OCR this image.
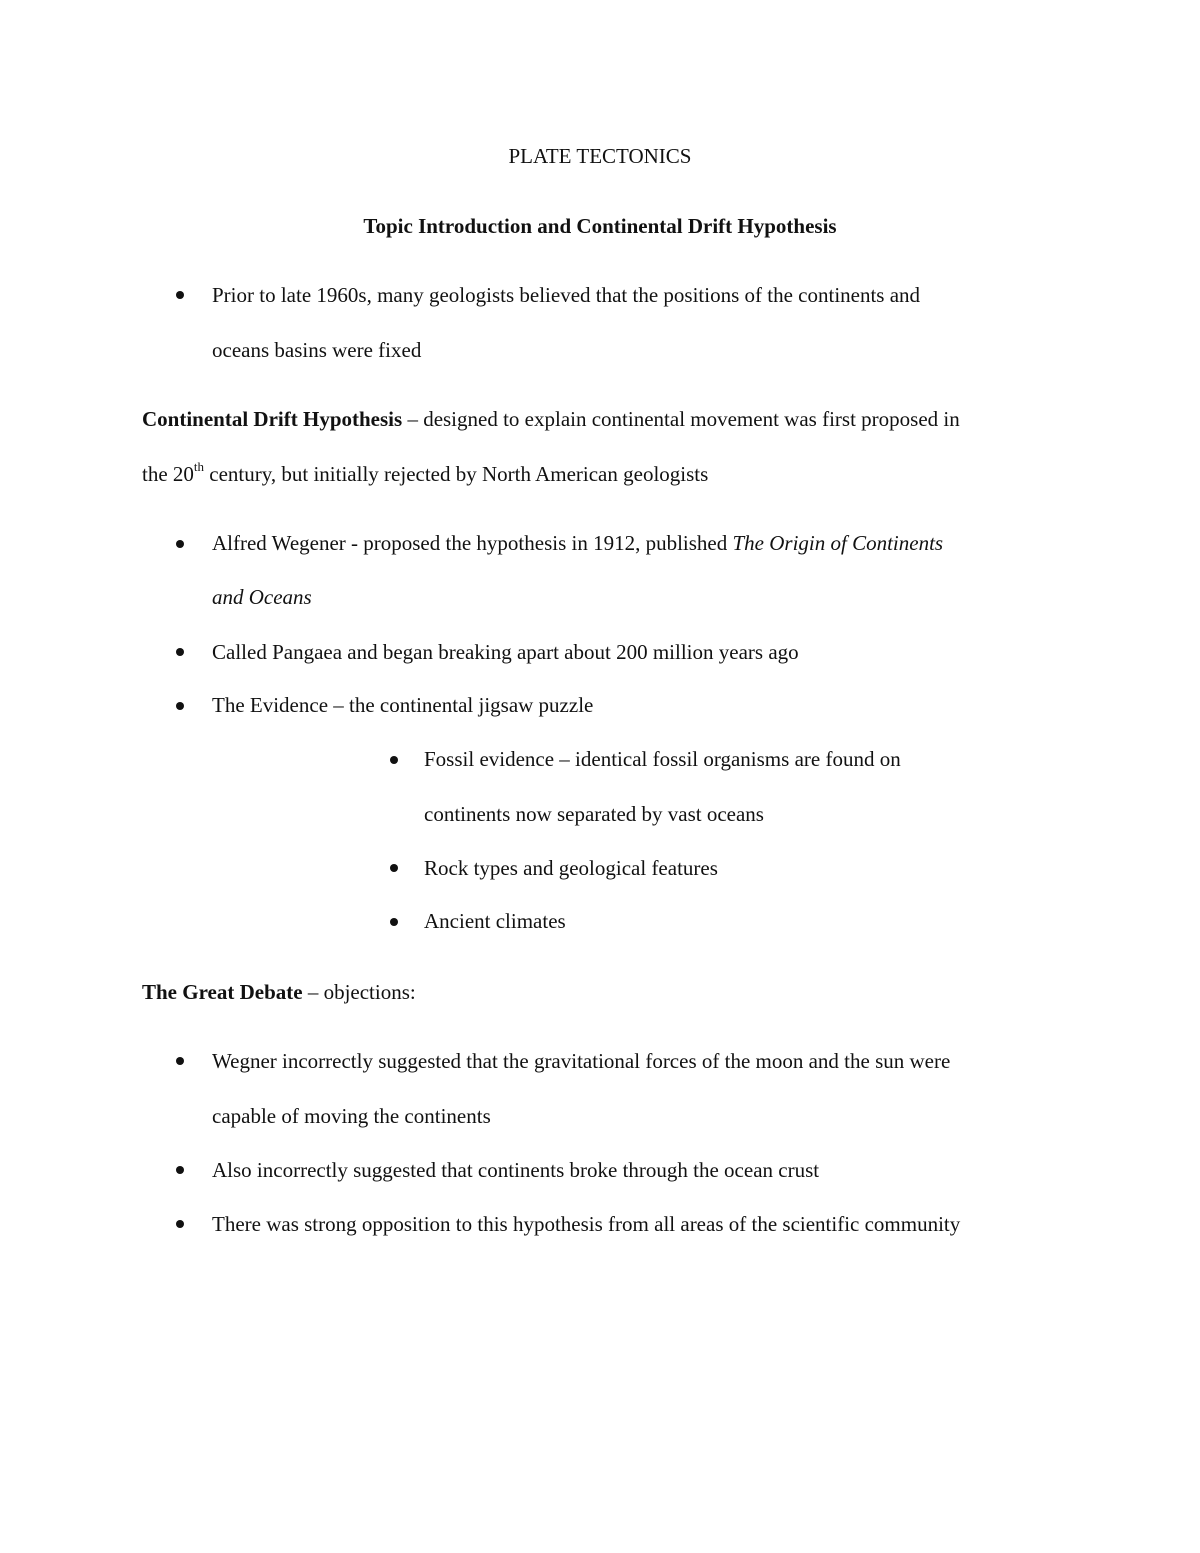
PLATE TECTONICS
Topic Introduction and Continental Drift Hypothesis
Prior to late 1960s, many geologists believed that the positions of the continents and
oceans basins were fixed
Continental Drift Hypothesis – designed to explain continental movement was first proposed in
the 20th century, but initially rejected by North American geologists
Alfred Wegener - proposed the hypothesis in 1912, published The Origin of Continents
and Oceans
Called Pangaea and began breaking apart about 200 million years ago
The Evidence – the continental jigsaw puzzle
Fossil evidence – identical fossil organisms are found on
continents now separated by vast oceans
Rock types and geological features
Ancient climates
The Great Debate – objections:
Wegner incorrectly suggested that the gravitational forces of the moon and the sun were
capable of moving the continents
Also incorrectly suggested that continents broke through the ocean crust
There was strong opposition to this hypothesis from all areas of the scientific community
